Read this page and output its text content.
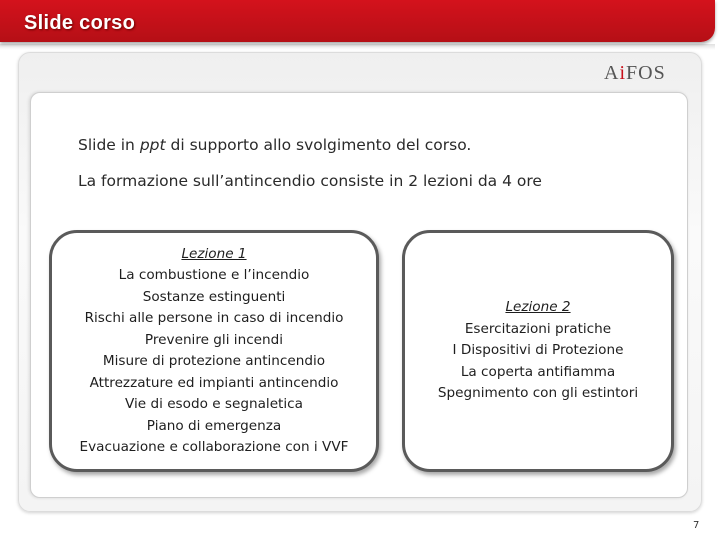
Slide corso
AiFOS
Slide in ppt di supporto allo svolgimento del corso.
La formazione sull’antincendio consiste in 2 lezioni da 4 ore
Lezione 1
La combustione e l’incendio
Sostanze estinguenti
Rischi alle persone in caso di incendio
Prevenire gli incendi
Misure di protezione antincendio
Attrezzature ed impianti antincendio
Vie di esodo e segnaletica
Piano di emergenza
Evacuazione e collaborazione con i VVF
Lezione 2
Esercitazioni pratiche
I Dispositivi di Protezione
La coperta antifiamma
Spegnimento con gli estintori
7
